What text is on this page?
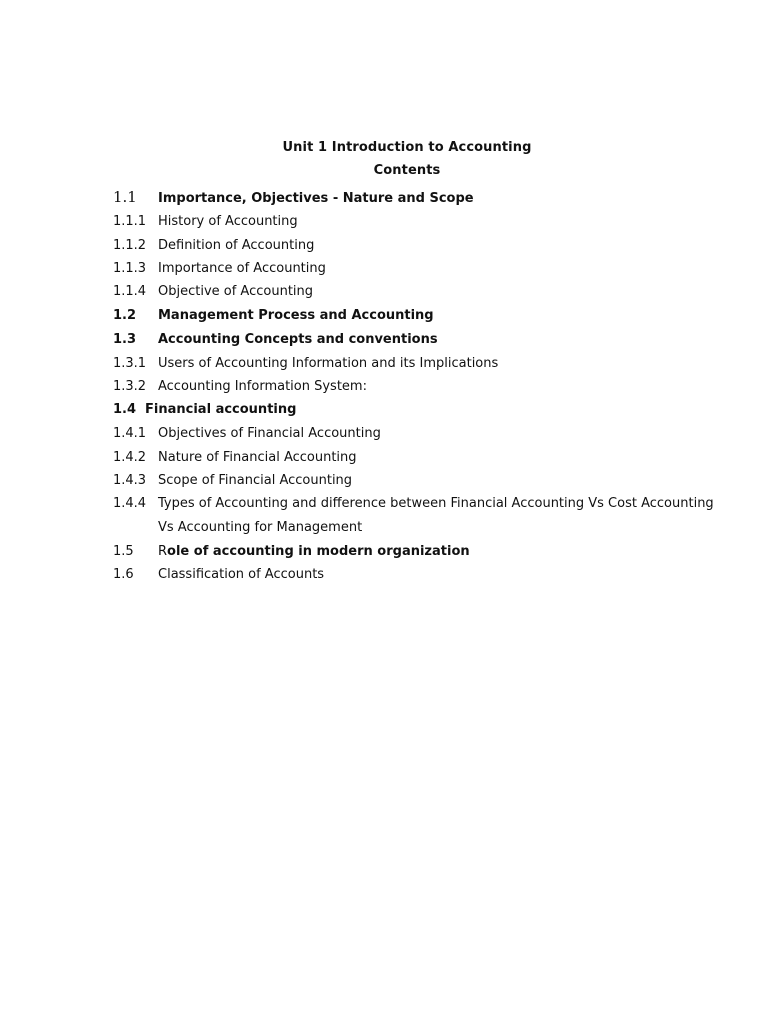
Unit 1 Introduction to Accounting
Contents
1.1 Importance, Objectives - Nature and Scope
1.1.1 History of Accounting
1.1.2 Definition of Accounting
1.1.3 Importance of Accounting
1.1.4 Objective of Accounting
1.2 Management Process and Accounting
1.3 Accounting Concepts and conventions
1.3.1 Users of Accounting Information and its Implications
1.3.2 Accounting Information System:
1.4 Financial accounting
1.4.1 Objectives of Financial Accounting
1.4.2 Nature of Financial Accounting
1.4.3 Scope of Financial Accounting
1.4.4 Types of Accounting and difference between Financial Accounting Vs Cost Accounting
Vs Accounting for Management
1.5 Role of accounting in modern organization
1.6 Classification of Accounts
